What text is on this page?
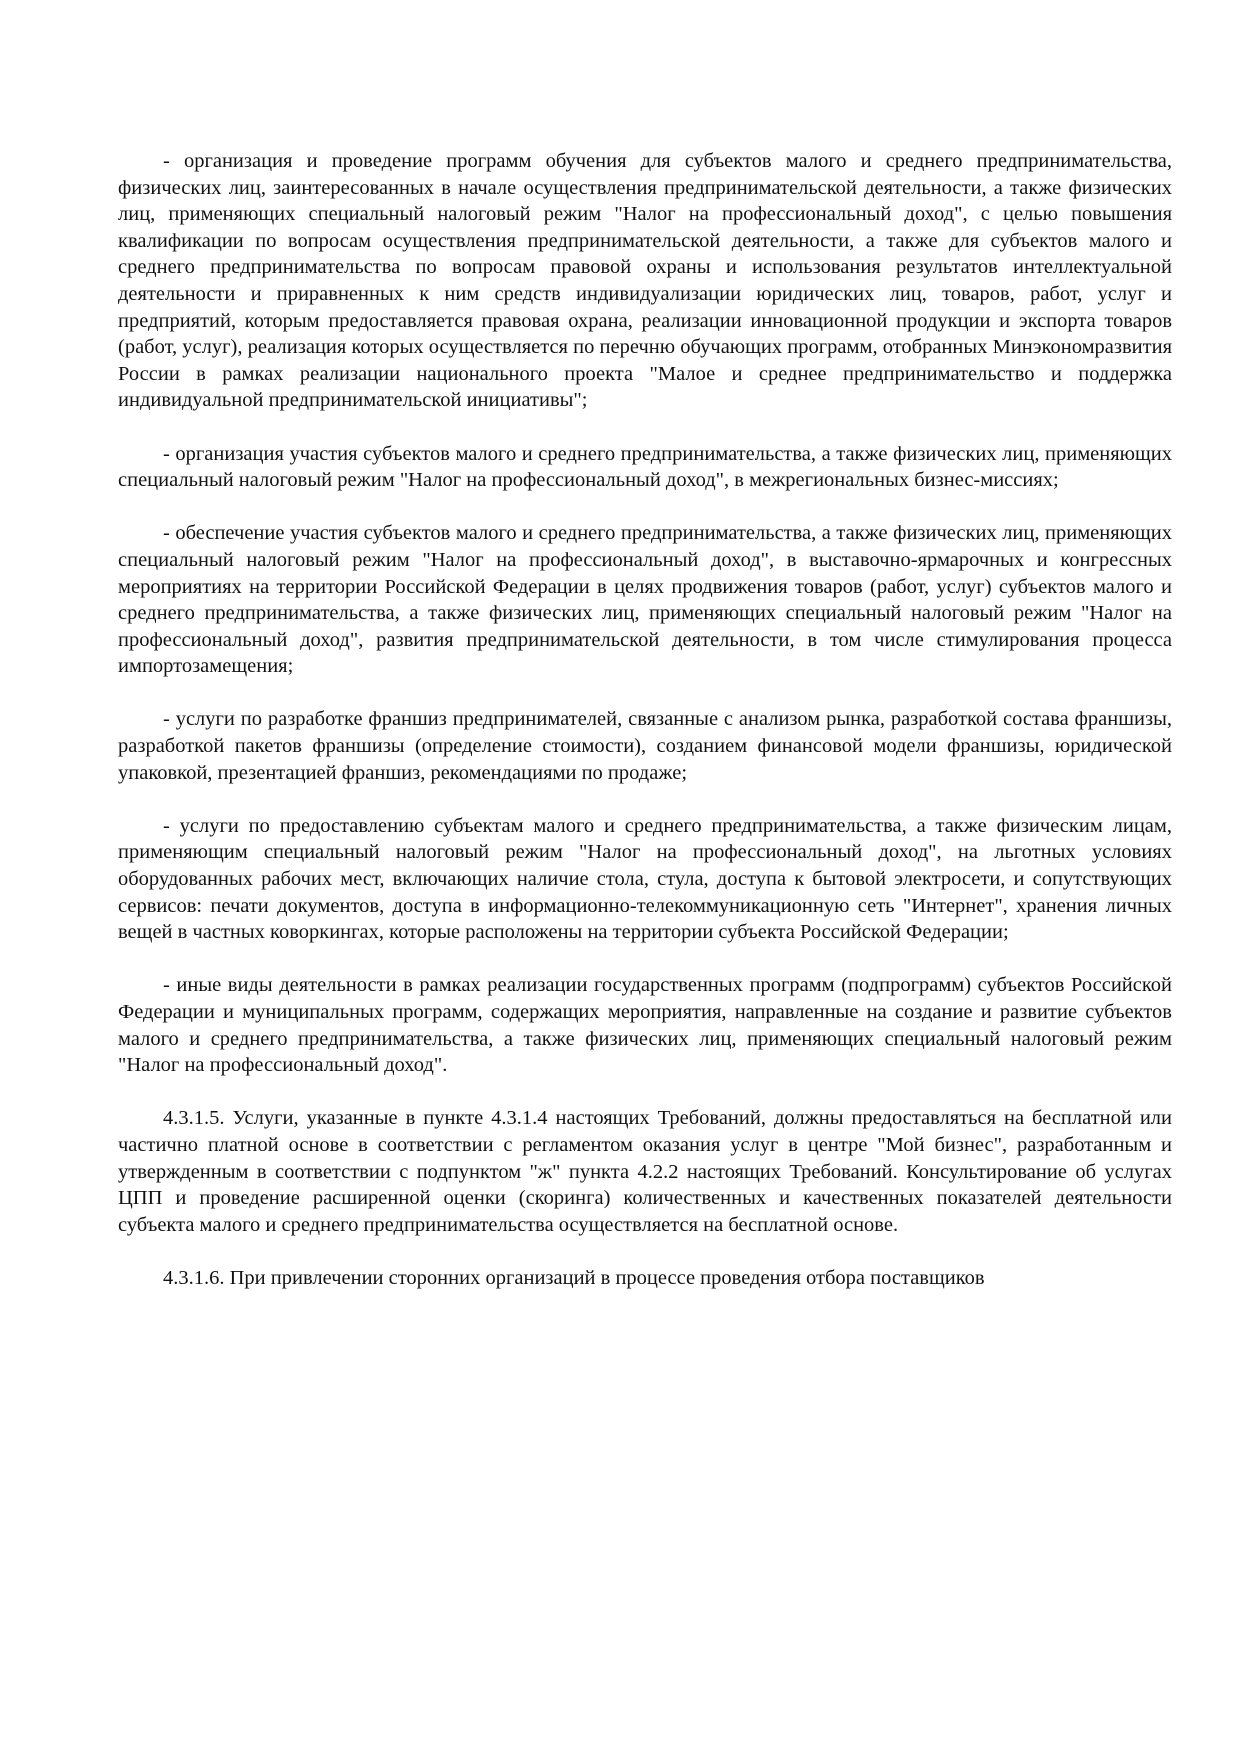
- организация и проведение программ обучения для субъектов малого и среднего предпринимательства, физических лиц, заинтересованных в начале осуществления предпринимательской деятельности, а также физических лиц, применяющих специальный налоговый режим "Налог на профессиональный доход", с целью повышения квалификации по вопросам осуществления предпринимательской деятельности, а также для субъектов малого и среднего предпринимательства по вопросам правовой охраны и использования результатов интеллектуальной деятельности и приравненных к ним средств индивидуализации юридических лиц, товаров, работ, услуг и предприятий, которым предоставляется правовая охрана, реализации инновационной продукции и экспорта товаров (работ, услуг), реализация которых осуществляется по перечню обучающих программ, отобранных Минэкономразвития России в рамках реализации национального проекта "Малое и среднее предпринимательство и поддержка индивидуальной предпринимательской инициативы";

- организация участия субъектов малого и среднего предпринимательства, а также физических лиц, применяющих специальный налоговый режим "Налог на профессиональный доход", в межрегиональных бизнес-миссиях;

- обеспечение участия субъектов малого и среднего предпринимательства, а также физических лиц, применяющих специальный налоговый режим "Налог на профессиональный доход", в выставочно-ярмарочных и конгрессных мероприятиях на территории Российской Федерации в целях продвижения товаров (работ, услуг) субъектов малого и среднего предпринимательства, а также физических лиц, применяющих специальный налоговый режим "Налог на профессиональный доход", развития предпринимательской деятельности, в том числе стимулирования процесса импортозамещения;

- услуги по разработке франшиз предпринимателей, связанные с анализом рынка, разработкой состава франшизы, разработкой пакетов франшизы (определение стоимости), созданием финансовой модели франшизы, юридической упаковкой, презентацией франшиз, рекомендациями по продаже;

- услуги по предоставлению субъектам малого и среднего предпринимательства, а также физическим лицам, применяющим специальный налоговый режим "Налог на профессиональный доход", на льготных условиях оборудованных рабочих мест, включающих наличие стола, стула, доступа к бытовой электросети, и сопутствующих сервисов: печати документов, доступа в информационно-телекоммуникационную сеть "Интернет", хранения личных вещей в частных коворкингах, которые расположены на территории субъекта Российской Федерации;

- иные виды деятельности в рамках реализации государственных программ (подпрограмм) субъектов Российской Федерации и муниципальных программ, содержащих мероприятия, направленные на создание и развитие субъектов малого и среднего предпринимательства, а также физических лиц, применяющих специальный налоговый режим "Налог на профессиональный доход".

4.3.1.5. Услуги, указанные в пункте 4.3.1.4 настоящих Требований, должны предоставляться на бесплатной или частично платной основе в соответствии с регламентом оказания услуг в центре "Мой бизнес", разработанным и утвержденным в соответствии с подпунктом "ж" пункта 4.2.2 настоящих Требований. Консультирование об услугах ЦПП и проведение расширенной оценки (скоринга) количественных и качественных показателей деятельности субъекта малого и среднего предпринимательства осуществляется на бесплатной основе.

4.3.1.6. При привлечении сторонних организаций в процессе проведения отбора поставщиков
